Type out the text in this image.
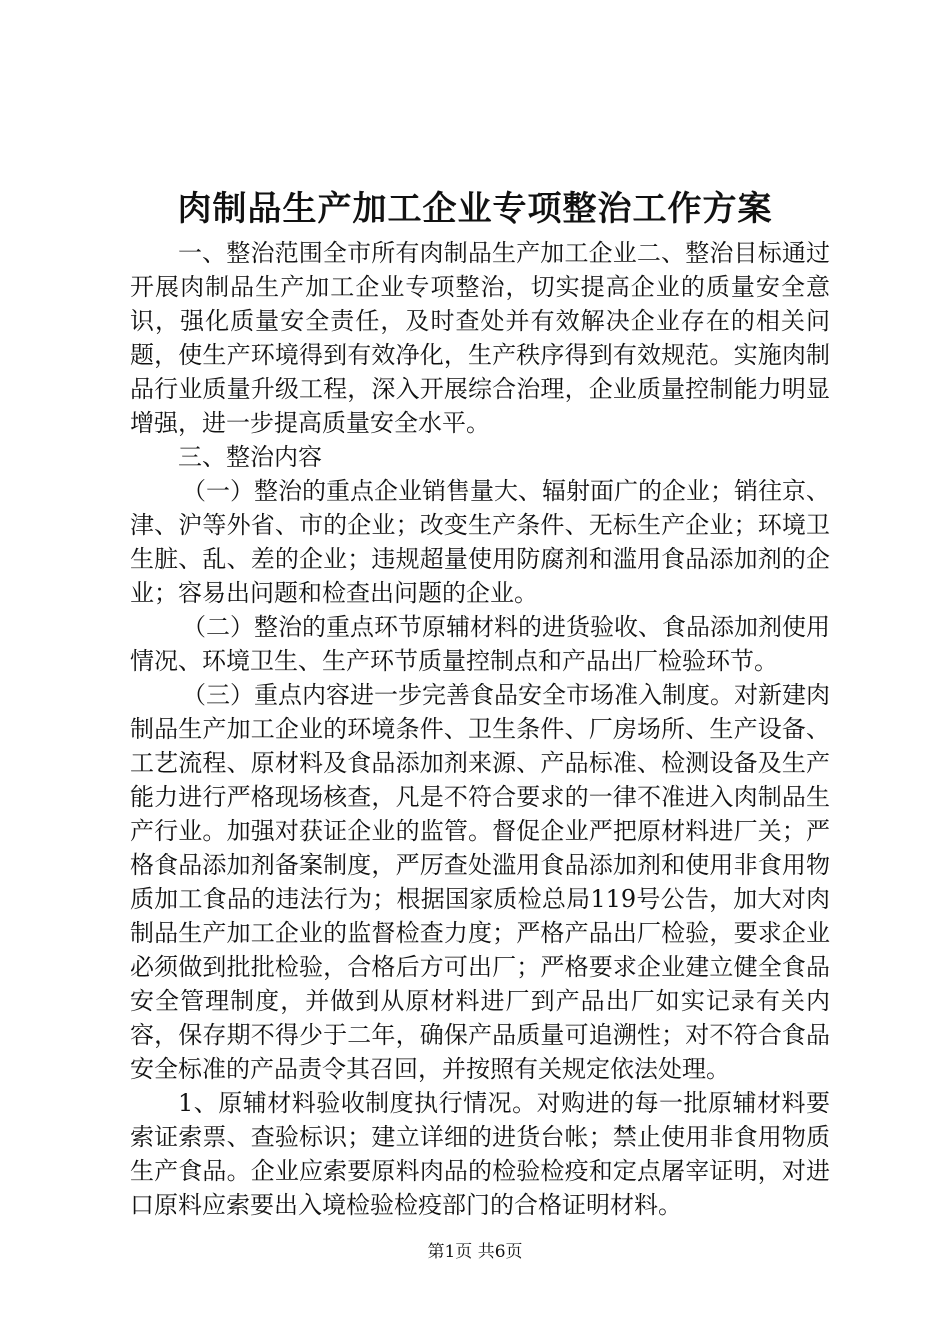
肉制品生产加工企业专项整治工作方案

一、整治范围全市所有肉制品生产加工企业二、整治目标通过开展肉制品生产加工企业专项整治，切实提高企业的质量安全意识，强化质量安全责任，及时查处并有效解决企业存在的相关问题，使生产环境得到有效净化，生产秩序得到有效规范。实施肉制品行业质量升级工程，深入开展综合治理，企业质量控制能力明显增强，进一步提高质量安全水平。

三、整治内容

（一）整治的重点企业销售量大、辐射面广的企业；销往京、津、沪等外省、市的企业；改变生产条件、无标生产企业；环境卫生脏、乱、差的企业；违规超量使用防腐剂和滥用食品添加剂的企业；容易出问题和检查出问题的企业。

（二）整治的重点环节原辅材料的进货验收、食品添加剂使用情况、环境卫生、生产环节质量控制点和产品出厂检验环节。

（三）重点内容进一步完善食品安全市场准入制度。对新建肉制品生产加工企业的环境条件、卫生条件、厂房场所、生产设备、工艺流程、原材料及食品添加剂来源、产品标准、检测设备及生产能力进行严格现场核查，凡是不符合要求的一律不准进入肉制品生产行业。加强对获证企业的监管。督促企业严把原材料进厂关；严格食品添加剂备案制度，严厉查处滥用食品添加剂和使用非食用物质加工食品的违法行为；根据国家质检总局119号公告，加大对肉制品生产加工企业的监督检查力度；严格产品出厂检验，要求企业必须做到批批检验，合格后方可出厂；严格要求企业建立健全食品安全管理制度，并做到从原材料进厂到产品出厂如实记录有关内容，保存期不得少于二年，确保产品质量可追溯性；对不符合食品安全标准的产品责令其召回，并按照有关规定依法处理。

1、原辅材料验收制度执行情况。对购进的每一批原辅材料要索证索票、查验标识；建立详细的进货台帐；禁止使用非食用物质生产食品。企业应索要原料肉品的检验检疫和定点屠宰证明，对进口原料应索要出入境检验检疫部门的合格证明材料。

第1页 共6页
